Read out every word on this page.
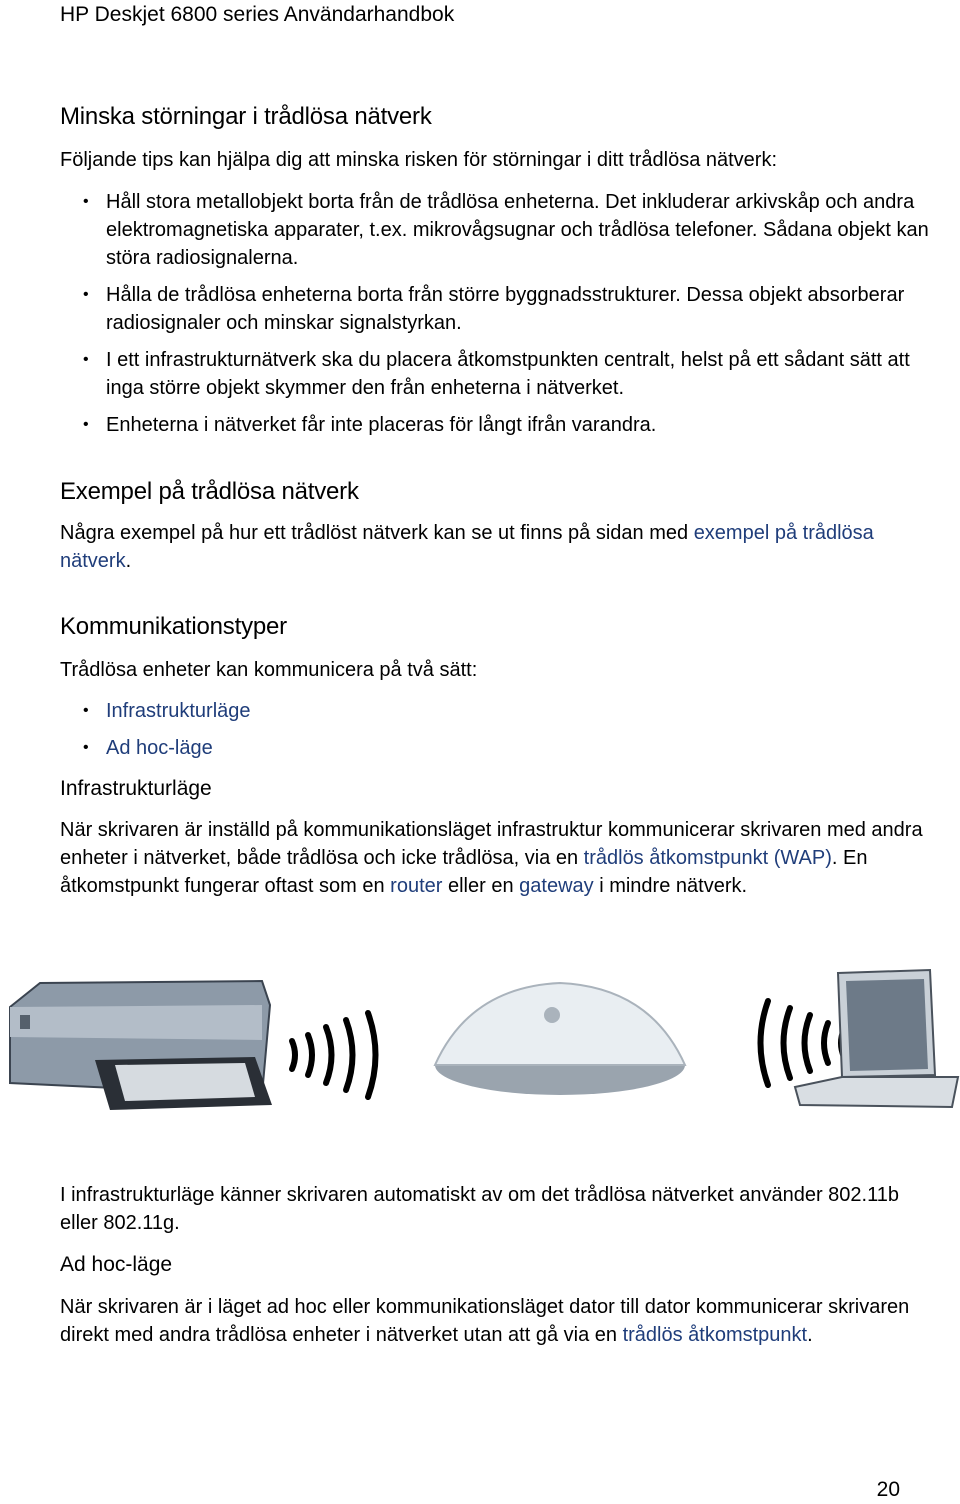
HP Deskjet 6800 series Användarhandbok
Minska störningar i trådlösa nätverk

Följande tips kan hjälpa dig att minska risken för störningar i ditt trådlösa nätverk:

• Håll stora metallobjekt borta från de trådlösa enheterna. Det inkluderar arkivskåp och andra elektromagnetiska apparater, t.ex. mikrovågsugnar och trådlösa telefoner. Sådana objekt kan störa radiosignalerna.
• Hålla de trådlösa enheterna borta från större byggnadsstrukturer. Dessa objekt absorberar radiosignaler och minskar signalstyrkan.
• I ett infrastrukturnätverk ska du placera åtkomstpunkten centralt, helst på ett sådant sätt att inga större objekt skymmer den från enheterna i nätverket.
• Enheterna i nätverket får inte placeras för långt ifrån varandra.
Exempel på trådlösa nätverk

Några exempel på hur ett trådlöst nätverk kan se ut finns på sidan med exempel på trådlösa nätverk.

Kommunikationstyper

Trådlösa enheter kan kommunicera på två sätt:

• Infrastrukturläge
• Ad hoc-läge
Infrastrukturläge

När skrivaren är inställd på kommunikationsläget infrastruktur kommunicerar skrivaren med andra enheter i nätverket, både trådlösa och icke trådlösa, via en trådlös åtkomstpunkt (WAP). En åtkomstpunkt fungerar oftast som en router eller en gateway i mindre nätverk.

I infrastrukturläge känner skrivaren automatiskt av om det trådlösa nätverket använder 802.11b eller 802.11g.

Ad hoc-läge

När skrivaren är i läget ad hoc eller kommunikationsläget dator till dator kommunicerar skrivaren direkt med andra trådlösa enheter i nätverket utan att gå via en trådlös åtkomstpunkt.

20
